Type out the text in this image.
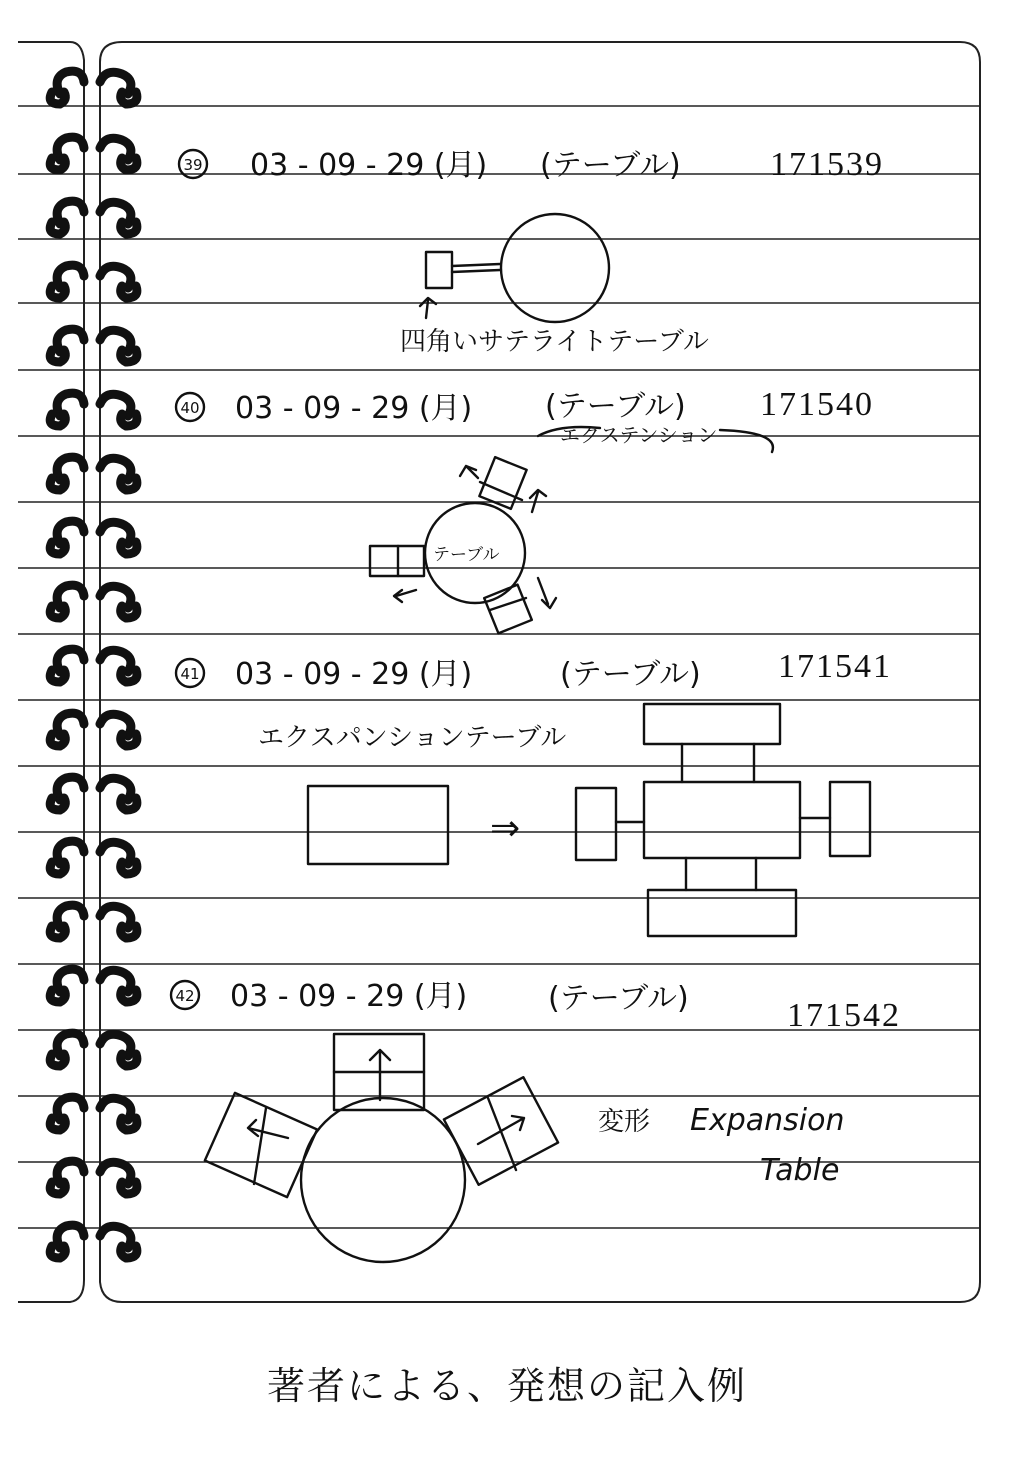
39 03 - 09 - 29 (月) (テーブル)	171539
四角いサテライトテーブル
40 03 - 09 - 29 (月) (テーブル) 171540
エクステンション
テーブル
41 03 - 09 - 29 (月)	(テーブル) 171541
エクスパンションテーブル
⇒
42 03 - 09 - 29 (月)	(テーブル)	171542
変形 Expansion
Table
著者による、発想の記入例
